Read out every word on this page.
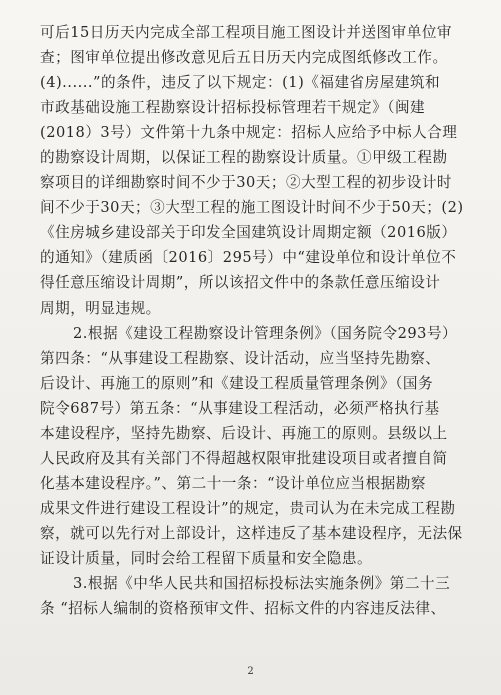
可后15日历天内完成全部工程项目施工图设计并送图审单位审
查；图审单位提出修改意见后五日历天内完成图纸修改工作。
(4)......”的条件，违反了以下规定：(1)《福建省房屋建筑和
市政基础设施工程勘察设计招标投标管理若干规定》（闽建
(2018）3号）文件第十九条中规定：招标人应给予中标人合理
的勘察设计周期，以保证工程的勘察设计质量。①甲级工程勘
察项目的详细勘察时间不少于30天；②大型工程的初步设计时
间不少于30天；③大型工程的施工图设计时间不少于50天；(2)
《住房城乡建设部关于印发全国建筑设计周期定额（2016版）
的通知》（建质函〔2016〕295号）中“建设单位和设计单位不
得任意压缩设计周期”，所以该招文件中的条款任意压缩设计
周期，明显违规。
2.根据《建设工程勘察设计管理条例》（国务院令293号）
第四条：“从事建设工程勘察、设计活动，应当坚持先勘察、
后设计、再施工的原则”和《建设工程质量管理条例》（国务
院令687号）第五条：“从事建设工程活动，必须严格执行基
本建设程序，坚持先勘察、后设计、再施工的原则。县级以上
人民政府及其有关部门不得超越权限审批建设项目或者擅自简
化基本建设程序。”、第二十一条：“设计单位应当根据勘察
成果文件进行建设工程设计”的规定，贵司认为在未完成工程勘
察，就可以先行对上部设计，这样违反了基本建设程序，无法保
证设计质量，同时会给工程留下质量和安全隐患。
3.根据《中华人民共和国招标投标法实施条例》第二十三
条 “招标人编制的资格预审文件、招标文件的内容违反法律、
2
